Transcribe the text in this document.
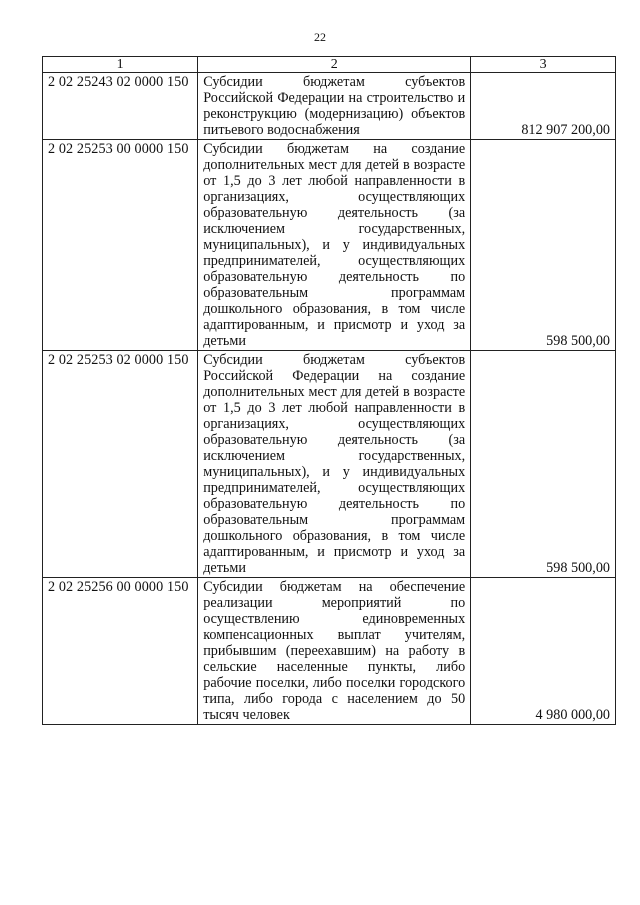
22
1	2	3
2 02 25243 02 0000 150	Субсидии бюджетам субъектов Российской Федерации на строительство и реконструкцию (модернизацию) объектов питьевого водоснабжения	812 907 200,00
2 02 25253 00 0000 150	Субсидии бюджетам на создание дополнительных мест для детей в возрасте от 1,5 до 3 лет любой направленности в организациях, осуществляющих образовательную деятельность (за исключением государственных, муниципальных), и у индивидуальных предпринимателей, осуществляющих образовательную деятельность по образовательным программам дошкольного образования, в том числе адаптированным, и присмотр и уход за детьми	598 500,00
2 02 25253 02 0000 150	Субсидии бюджетам субъектов Российской Федерации на создание дополнительных мест для детей в возрасте от 1,5 до 3 лет любой направленности в организациях, осуществляющих образовательную деятельность (за исключением государственных, муниципальных), и у индивидуальных предпринимателей, осуществляющих образовательную деятельность по образовательным программам дошкольного образования, в том числе адаптированным, и присмотр и уход за детьми	598 500,00
2 02 25256 00 0000 150	Субсидии бюджетам на обеспечение реализации мероприятий по осуществлению единовременных компенсационных выплат учителям, прибывшим (переехавшим) на работу в сельские населенные пункты, либо рабочие поселки, либо поселки городского типа, либо города с населением до 50 тысяч человек	4 980 000,00
